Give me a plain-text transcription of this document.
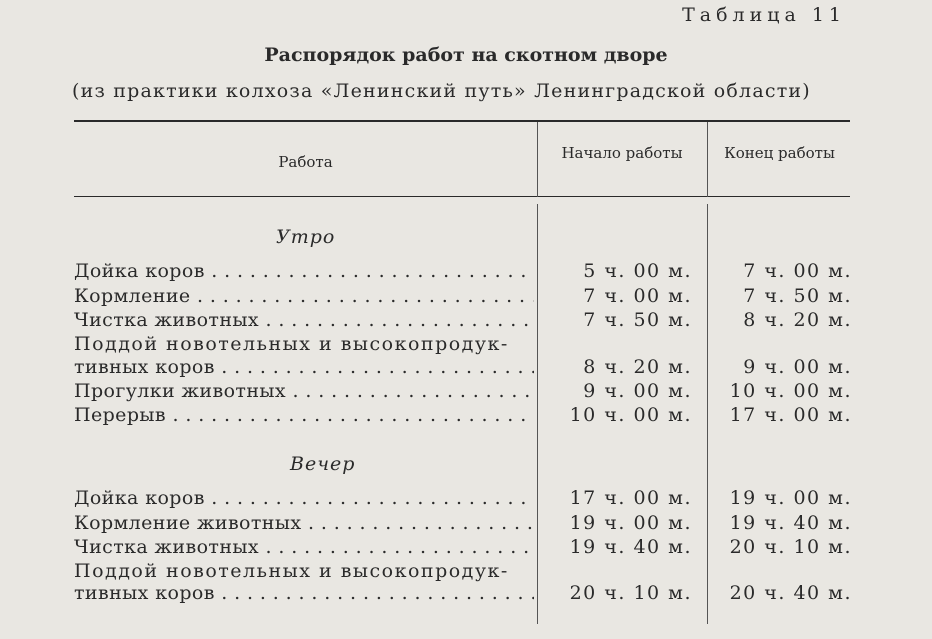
Таблица 11
Распорядок работ на скотном дворе
(из практики колхоза «Ленинский путь» Ленинградской области)
Работа	Начало работы	Конец работы
Утро
Дойка коров . . .	5 ч. 00 м.	7 ч. 00 м.
Кормление . . .	7 ч. 00 м.	7 ч. 50 м.
Чистка животных . . .	7 ч. 50 м.	8 ч. 20 м.
Поддой новотельных и высокопродук-
тивных коров . . .	8 ч. 20 м.	9 ч. 00 м.
Прогулки животных . . .	9 ч. 00 м.	10 ч. 00 м.
Перерыв . . .	10 ч. 00 м.	17 ч. 00 м.
Вечер
Дойка коров . . .	17 ч. 00 м.	19 ч. 00 м.
Кормление животных . . .	19 ч. 00 м.	19 ч. 40 м.
Чистка животных . . .	19 ч. 40 м.	20 ч. 10 м.
Поддой новотельных и высокопродук-
тивных коров . . .	20 ч. 10 м.	20 ч. 40 м.
